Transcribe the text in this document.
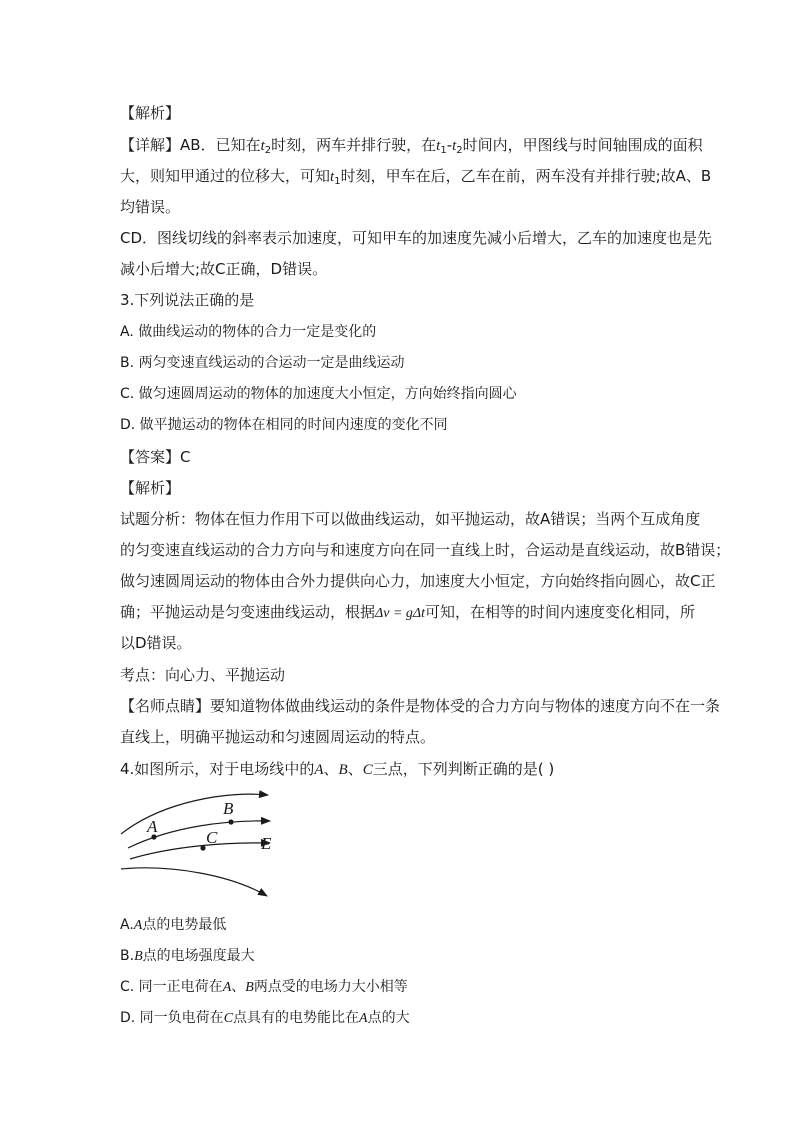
【解析】
【详解】AB．已知在$t_2$时刻，两车并排行驶，在$t_1-t_2$时间内，甲图线与时间轴围成的面积
大，则知甲通过的位移大，可知$t_1$时刻，甲车在后，乙车在前，两车没有并排行驶;故A、B
均错误。
CD．图线切线的斜率表示加速度，可知甲车的加速度先减小后增大，乙车的加速度也是先
减小后增大;故C正确，D错误。
3.下列说法正确的是
A. 做曲线运动的物体的合力一定是变化的
B. 两匀变速直线运动的合运动一定是曲线运动
C. 做匀速圆周运动的物体的加速度大小恒定，方向始终指向圆心
D. 做平抛运动的物体在相同的时间内速度的变化不同
【答案】C
【解析】
试题分析：物体在恒力作用下可以做曲线运动，如平抛运动，故A错误；当两个互成角度
的匀变速直线运动的合力方向与和速度方向在同一直线上时，合运动是直线运动，故B错误；
做匀速圆周运动的物体由合外力提供向心力，加速度大小恒定，方向始终指向圆心，故C正
确；平抛运动是匀变速曲线运动，根据Δv = gΔt可知，在相等的时间内速度变化相同，所
以D错误。
考点：向心力、平抛运动
【名师点睛】要知道物体做曲线运动的条件是物体受的合力方向与物体的速度方向不在一条
直线上，明确平抛运动和匀速圆周运动的特点。
4.如图所示，对于电场线中的A、B、C三点，下列判断正确的是( )
A
B
C	E
A.A点的电势最低
B.B点的电场强度最大
C. 同一正电荷在A、B两点受的电场力大小相等
D. 同一负电荷在C点具有的电势能比在A点的大
